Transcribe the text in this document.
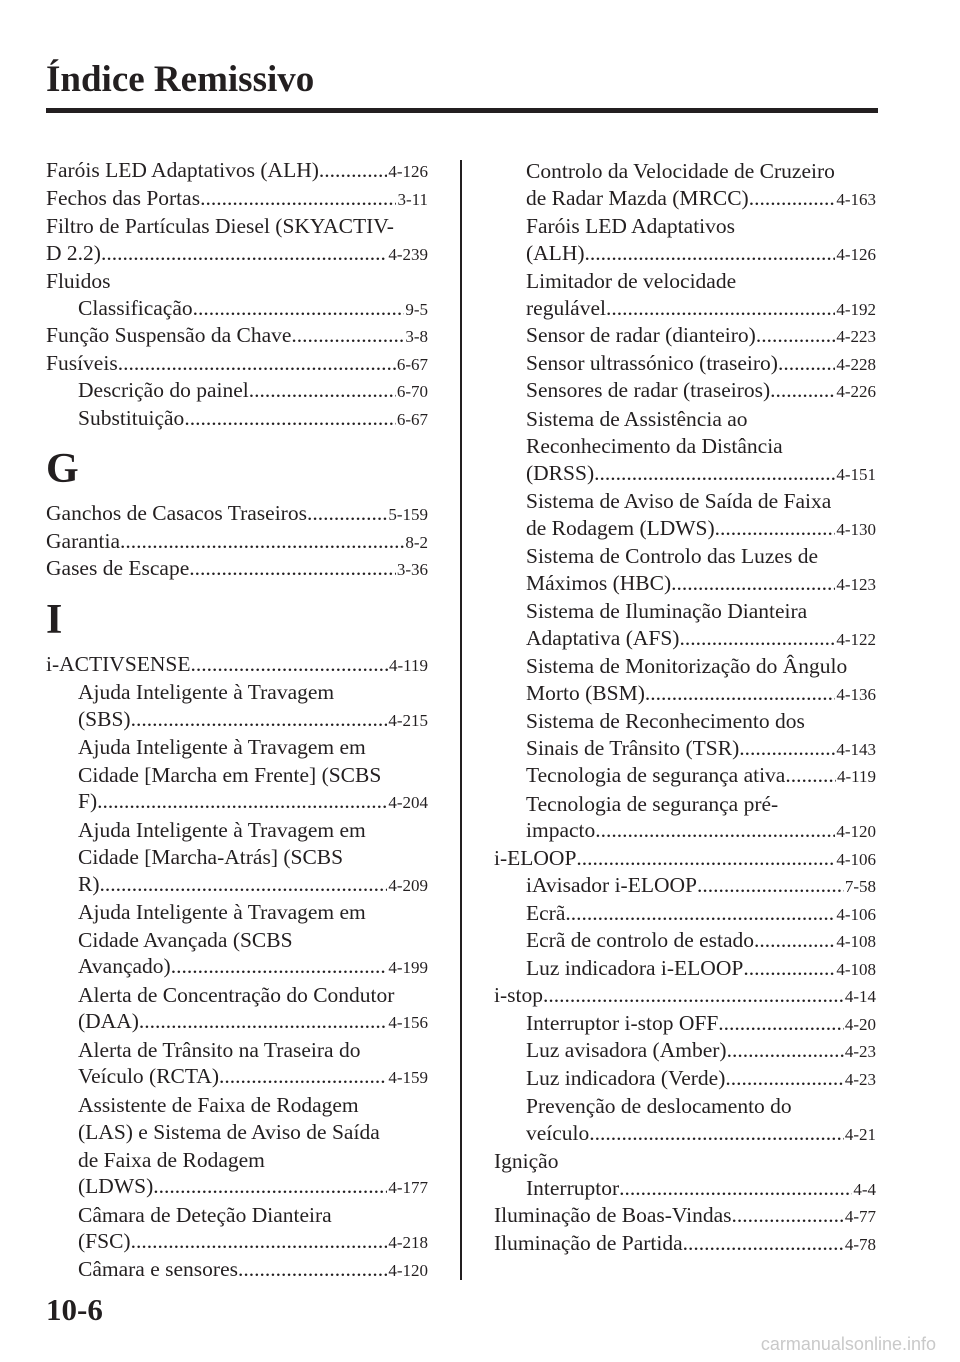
Índice Remissivo
Faróis LED Adaptativos (ALH) .....	4-126
Fechos das Portas .....	3-11
Filtro de Partículas Diesel (SKYACTIV-
D 2.2) .....	4-239
Fluidos
Classificação .....	9-5
Função Suspensão da Chave .....	3-8
Fusíveis .....	6-67
Descrição do painel .....	6-70
Substituição .....	6-67
G
Ganchos de Casacos Traseiros .....	5-159
Garantia .....	8-2
Gases de Escape .....	3-36
I
i-ACTIVSENSE .....	4-119
Ajuda Inteligente à Travagem
(SBS) .....	4-215
Ajuda Inteligente à Travagem em
Cidade [Marcha em Frente] (SCBS
F) .....	4-204
Ajuda Inteligente à Travagem em
Cidade [Marcha-Atrás] (SCBS
R) .....	4-209
Ajuda Inteligente à Travagem em
Cidade Avançada (SCBS
Avançado) .....	4-199
Alerta de Concentração do Condutor
(DAA) .....	4-156
Alerta de Trânsito na Traseira do
Veículo (RCTA) .....	4-159
Assistente de Faixa de Rodagem
(LAS) e Sistema de Aviso de Saída
de Faixa de Rodagem
(LDWS) .....	4-177
Câmara de Deteção Dianteira
(FSC) .....	4-218
Câmara e sensores .....	4-120
Controlo da Velocidade de Cruzeiro
de Radar Mazda (MRCC) .....	4-163
Faróis LED Adaptativos
(ALH) .....	4-126
Limitador de velocidade
regulável .....	4-192
Sensor de radar (dianteiro) .....	4-223
Sensor ultrassónico (traseiro) .....	4-228
Sensores de radar (traseiros) .....	4-226
Sistema de Assistência ao
Reconhecimento da Distância
(DRSS) .....	4-151
Sistema de Aviso de Saída de Faixa
de Rodagem (LDWS) .....	4-130
Sistema de Controlo das Luzes de
Máximos (HBC) .....	4-123
Sistema de Iluminação Dianteira
Adaptativa (AFS) .....	4-122
Sistema de Monitorização do Ângulo
Morto (BSM) .....	4-136
Sistema de Reconhecimento dos
Sinais de Trânsito (TSR) .....	4-143
Tecnologia de segurança ativa .....	4-119
Tecnologia de segurança pré-
impacto .....	4-120
i-ELOOP .....	4-106
iAvisador i-ELOOP .....	7-58
Ecrã .....	4-106
Ecrã de controlo de estado .....	4-108
Luz indicadora i-ELOOP .....	4-108
i-stop .....	4-14
Interruptor i-stop OFF .....	4-20
Luz avisadora (Amber) .....	4-23
Luz indicadora (Verde) .....	4-23
Prevenção de deslocamento do
veículo .....	4-21
Ignição
Interruptor .....	4-4
Iluminação de Boas-Vindas .....	4-77
Iluminação de Partida .....	4-78
10-6
carmanualsonline.info
